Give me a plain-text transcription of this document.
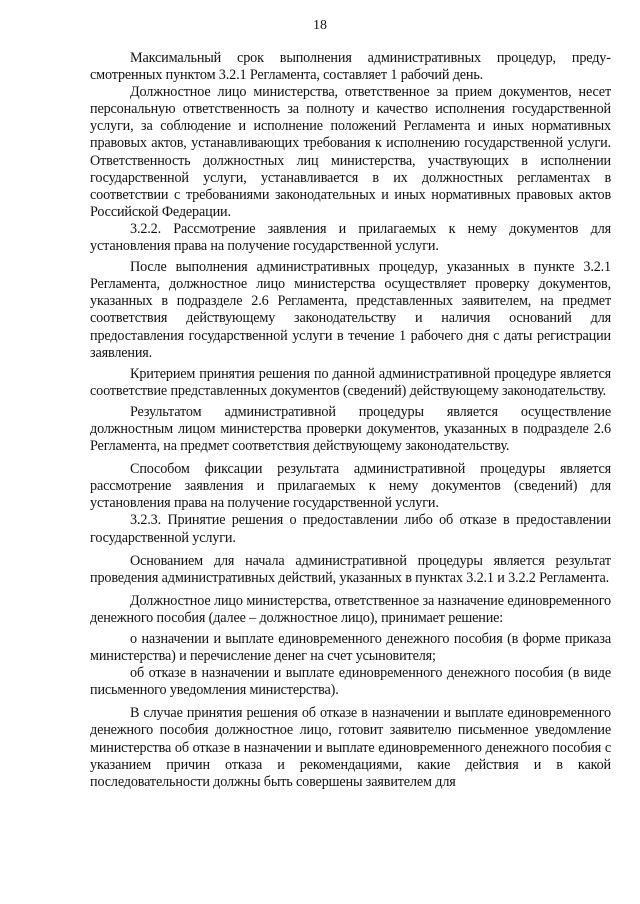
18

Максимальный срок выполнения административных процедур, предусмотренных пунктом 3.2.1 Регламента, составляет 1 рабочий день.

Должностное лицо министерства, ответственное за прием документов, несет персональную ответственность за полноту и качество исполнения государственной услуги, за соблюдение и исполнение положений Регламента и иных нормативных правовых актов, устанавливающих требования к исполнению государственной услуги. Ответственность должностных лиц министерства, участвующих в исполнении государственной услуги, устанавливается в их должностных регламентах в соответствии с требованиями законодательных и иных нормативных правовых актов Российской Федерации.

3.2.2. Рассмотрение заявления и прилагаемых к нему документов для установления права на получение государственной услуги.

После выполнения административных процедур, указанных в пункте 3.2.1 Регламента, должностное лицо министерства осуществляет проверку документов, указанных в подразделе 2.6 Регламента, представленных заявителем, на предмет соответствия действующему законодательству и наличия оснований для предоставления государственной услуги в течение 1 рабочего дня с даты регистрации заявления.

Критерием принятия решения по данной административной процедуре является соответствие представленных документов (сведений) действующему законодательству.

Результатом административной процедуры является осуществление должностным лицом министерства проверки документов, указанных в подразделе 2.6 Регламента, на предмет соответствия действующему законодательству.

Способом фиксации результата административной процедуры является рассмотрение заявления и прилагаемых к нему документов (сведений) для установления права на получение государственной услуги.

3.2.3. Принятие решения о предоставлении либо об отказе в предоставлении государственной услуги.

Основанием для начала административной процедуры является результат проведения административных действий, указанных в пунктах 3.2.1 и 3.2.2 Регламента.

Должностное лицо министерства, ответственное за назначение единовременного денежного пособия (далее – должностное лицо), принимает решение:

о назначении и выплате единовременного денежного пособия (в форме приказа министерства) и перечисление денег на счет усыновителя;

об отказе в назначении и выплате единовременного денежного пособия (в виде письменного уведомления министерства).

В случае принятия решения об отказе в назначении и выплате единовременного денежного пособия должностное лицо, готовит заявителю письменное уведомление министерства об отказе в назначении и выплате единовременного денежного пособия с указанием причин отказа и рекомендациями, какие действия и в какой последовательности должны быть совершены заявителем для
